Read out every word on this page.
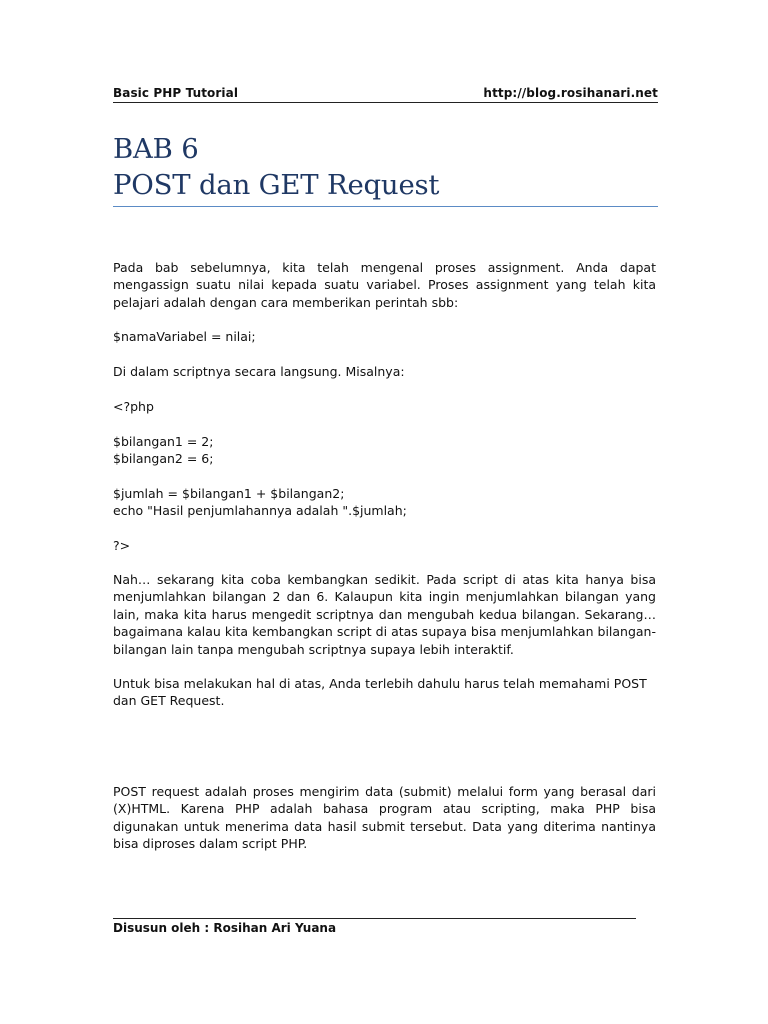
Basic PHP Tutorial	http://blog.rosihanari.net
BAB 6
POST dan GET Request

Pada bab sebelumnya, kita telah mengenal proses assignment. Anda dapat mengassign suatu nilai kepada suatu variabel. Proses assignment yang telah kita pelajari adalah dengan cara memberikan perintah sbb:

$namaVariabel = nilai;
Di dalam scriptnya secara langsung. Misalnya:
<?php
$bilangan1 = 2;
$bilangan2 = 6;
$jumlah = $bilangan1 + $bilangan2;
echo "Hasil penjumlahannya adalah ".$jumlah;
?>

Nah… sekarang kita coba kembangkan sedikit. Pada script di atas kita hanya bisa menjumlahkan bilangan 2 dan 6. Kalaupun kita ingin menjumlahkan bilangan yang lain, maka kita harus mengedit scriptnya dan mengubah kedua bilangan. Sekarang… bagaimana kalau kita kembangkan script di atas supaya bisa menjumlahkan bilangan-bilangan lain tanpa mengubah scriptnya supaya lebih interaktif.

Untuk bisa melakukan hal di atas, Anda terlebih dahulu harus telah memahami POST dan GET Request.

POST request adalah proses mengirim data (submit) melalui form yang berasal dari (X)HTML. Karena PHP adalah bahasa program atau scripting, maka PHP bisa digunakan untuk menerima data hasil submit tersebut. Data yang diterima nantinya bisa diproses dalam script PHP.

Disusun oleh : Rosihan Ari Yuana
